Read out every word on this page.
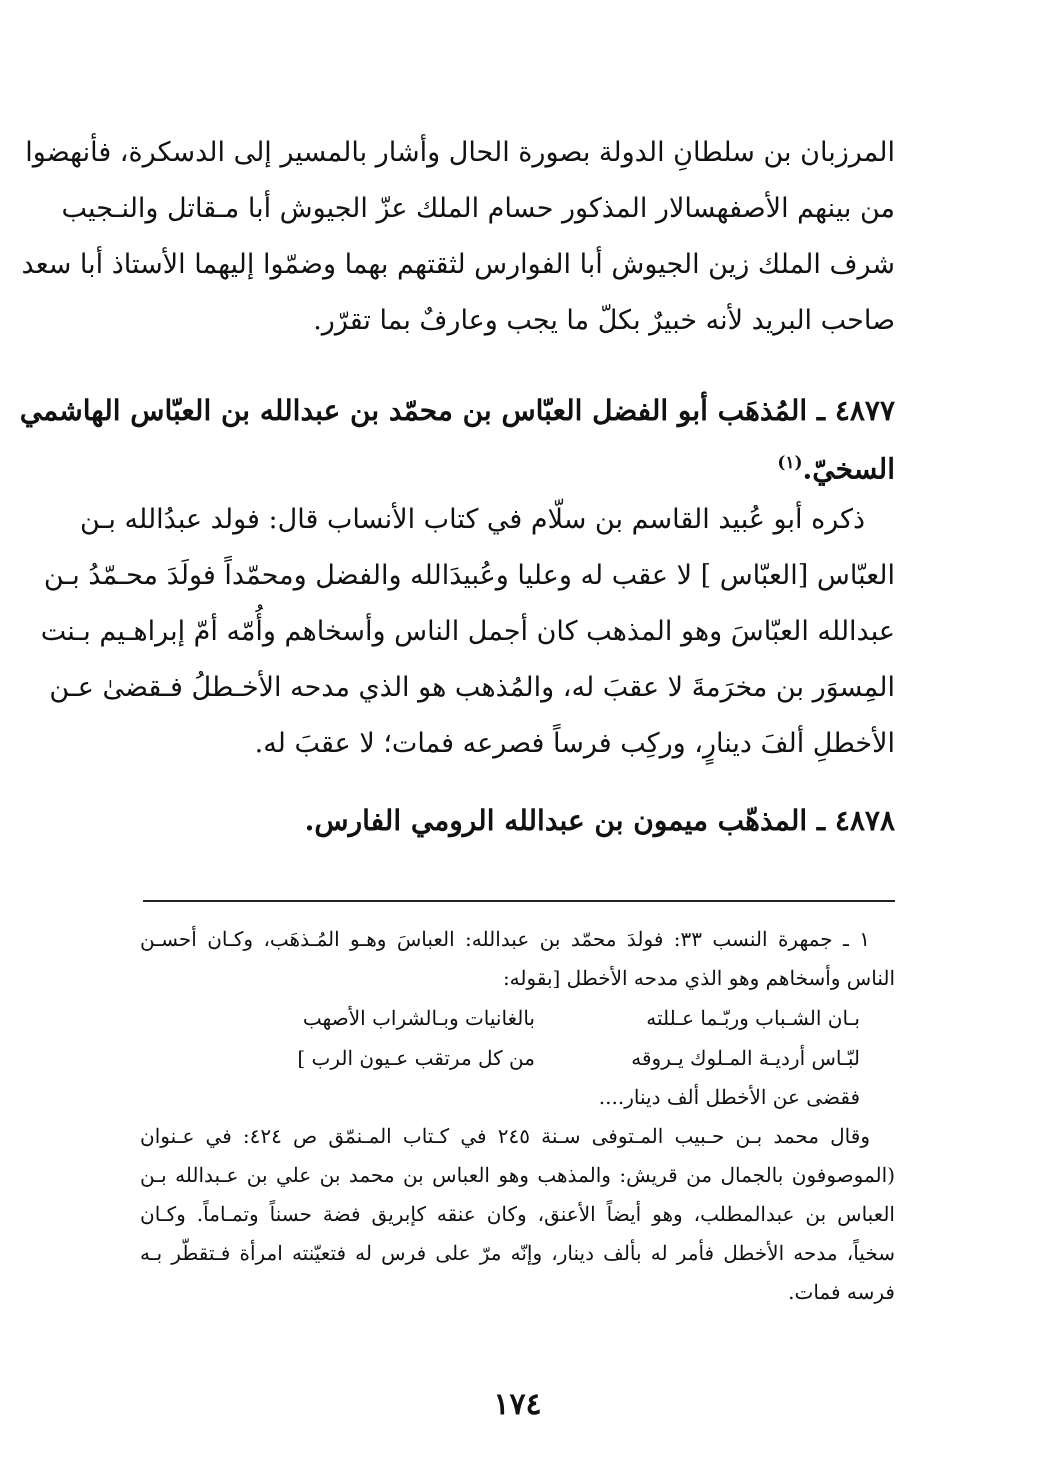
المرزبان بن سلطانِ الدولة بصورة الحال وأشار بالمسير إلى الدسكرة، فأنهضوا
من بينهم الأصفهسالار المذكور حسام الملك عزّ الجيوش أبا مـقاتل والنـجيب
شرف الملك زين الجيوش أبا الفوارس لثقتهم بهما وضمّوا إليهما الأستاذ أبا سعد
صاحب البريد لأنه خبيرٌ بكلّ ما يجب وعارفٌ بما تقرّر.

٤٨٧٧ ـ المُذهَب أبو الفضل العبّاس بن محمّد بن عبدالله بن العبّاس الهاشمي

السخيّ.$^{(١)}$

ذكره أبو عُبيد القاسم بن سلّام في كتاب الأنساب قال: فولد عبدُالله بـن
العبّاس [العبّاس ] لا عقب له وعليا وعُبيدَالله والفضل ومحمّداً فولَدَ محـمّدُ بـن
عبدالله العبّاسَ وهو المذهب كان أجمل الناس وأسخاهم وأُمّه أمّ إبراهـيم بـنت
المِسوَر بن مخرَمةَ لا عقبَ له، والمُذهب هو الذي مدحه الأخـطلُ فـقضىٰ عـن
الأخطلِ ألفَ دينارٍ، وركِب فرساً فصرعه فمات؛ لا عقبَ له.

٤٨٧٨ ـ المذهّب ميمون بن عبدالله الرومي الفارس.

١ ـ جمهرة النسب ٣٣: فولدَ محمّد بن عبدالله: العباسَ وهـو المُـذهَب، وكـان أحسـن
الناس وأسخاهم وهو الذي مدحه الأخطل [بقوله:
بـان الشـباب وربّـما عـللته
بالغانيات وبـالشراب الأصهب
لبّـاس أرديـة المـلوك يـروقه
من كل مرتقب عـيون الرب ]
فقضى عن الأخطل ألف دينار....
وقال محمد بـن حـبيب المـتوفى سـنة ٢٤٥ في كـتاب المـنمّق ص ٤٢٤: في عـنوان
(الموصوفون بالجمال من قريش: والمذهب وهو العباس بن محمد بن علي بن عـبدالله بـن
العباس بن عبدالمطلب، وهو أيضاً الأعنق، وكان عنقه كإبريق فضة حسناً وتمـاماً. وكـان
سخياً، مدحه الأخطل فأمر له بألف دينار، وإنّه مرّ على فرس له فتعيّنته امرأة فـتقطّر بـه
فرسه فمات.
١٧٤
